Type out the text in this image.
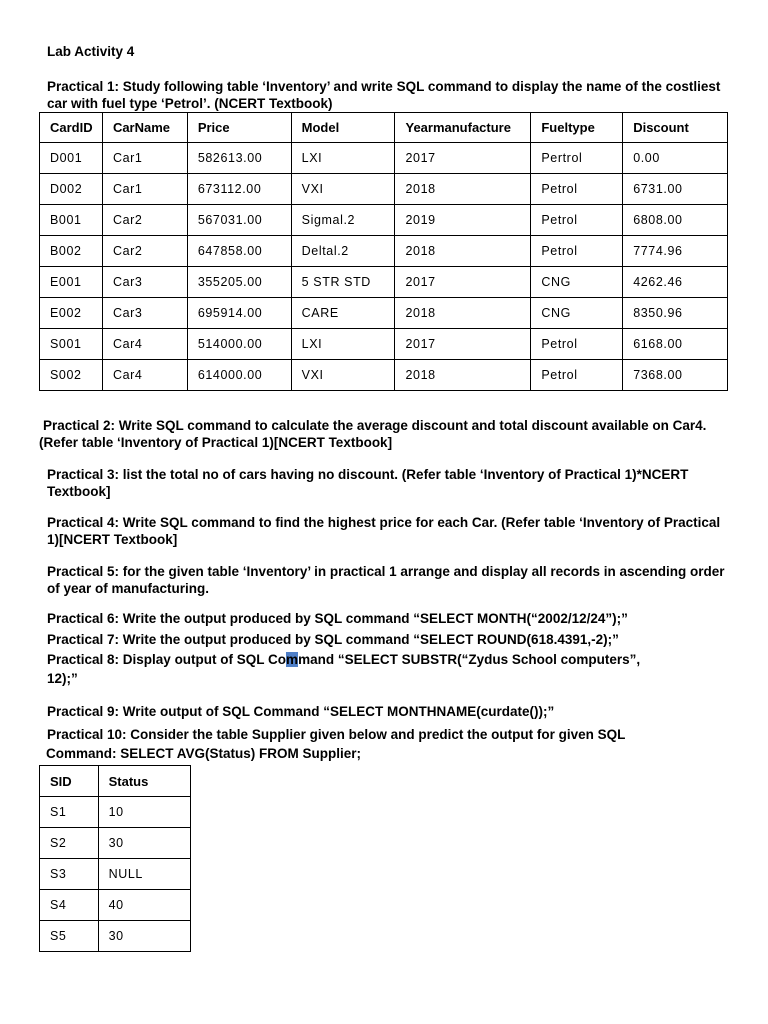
Lab Activity 4
Practical 1: Study following table ‘Inventory’ and write SQL command to display the name of the costliest
car with fuel type ‘Petrol’. (NCERT Textbook)
CardID	CarName	Price	Model	Yearmanufacture	Fueltype	Discount
D001	Car1	582613.00	LXI	2017	Pertrol	0.00
D002	Car1	673112.00	VXI	2018	Petrol	6731.00
B001	Car2	567031.00	Sigmal.2	2019	Petrol	6808.00
B002	Car2	647858.00	Deltal.2	2018	Petrol	7774.96
E001	Car3	355205.00	5 STR STD	2017	CNG	4262.46
E002	Car3	695914.00	CARE	2018	CNG	8350.96
S001	Car4	514000.00	LXI	2017	Petrol	6168.00
S002	Car4	614000.00	VXI	2018	Petrol	7368.00
Practical 2: Write SQL command to calculate the average discount and total discount available on Car4.
(Refer table ‘Inventory of Practical 1)[NCERT Textbook]
Practical 3: list the total no of cars having no discount. (Refer table ‘Inventory of Practical 1)*NCERT
Textbook]
Practical 4: Write SQL command to find the highest price for each Car. (Refer table ‘Inventory of Practical
1)[NCERT Textbook]
Practical 5: for the given table ‘Inventory’ in practical 1 arrange and display all records in ascending order
of year of manufacturing.
Practical 6: Write the output produced by SQL command “SELECT MONTH(“2002/12/24”);”
Practical 7: Write the output produced by SQL command “SELECT ROUND(618.4391,-2);”
Practical 8: Display output of SQL Command “SELECT SUBSTR(“Zydus School computers”,
12);”
Practical 9: Write output of SQL Command “SELECT MONTHNAME(curdate());”
Practical 10: Consider the table Supplier given below and predict the output for given SQL
Command: SELECT AVG(Status) FROM Supplier;
SID	Status
S1	10
S2	30
S3	NULL
S4	40
S5	30
